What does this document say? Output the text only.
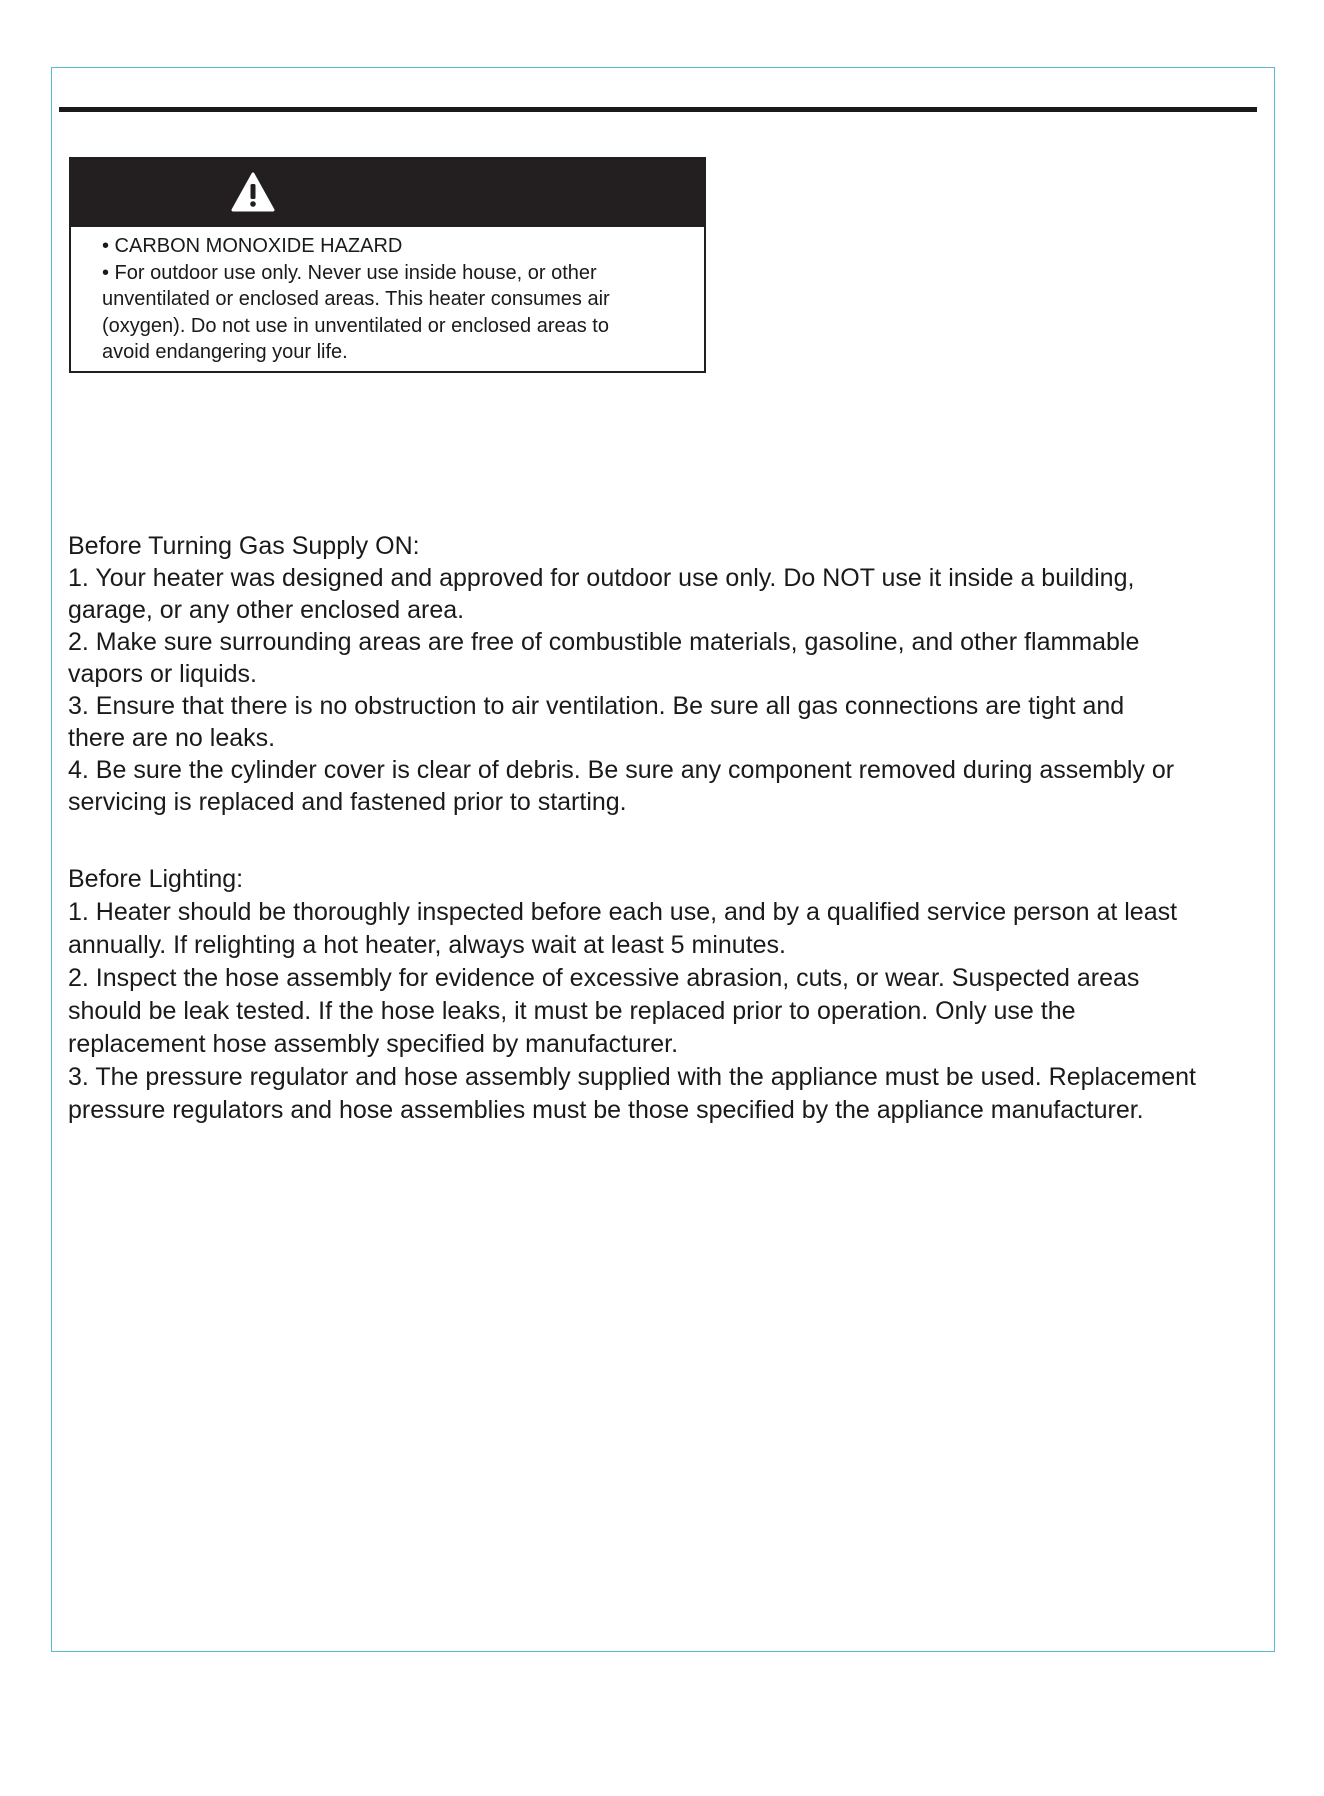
• CARBON MONOXIDE HAZARD
• For outdoor use only. Never use inside house, or other
unventilated or enclosed areas. This heater consumes air
(oxygen). Do not use in unventilated or enclosed areas to
avoid endangering your life.
Before Turning Gas Supply ON:
1. Your heater was designed and approved for outdoor use only. Do NOT use it inside a building,
garage, or any other enclosed area.
2. Make sure surrounding areas are free of combustible materials, gasoline, and other flammable
vapors or liquids.
3. Ensure that there is no obstruction to air ventilation. Be sure all gas connections are tight and
there are no leaks.
4. Be sure the cylinder cover is clear of debris. Be sure any component removed during assembly or
servicing is replaced and fastened prior to starting.
Before Lighting:
1. Heater should be thoroughly inspected before each use, and by a qualified service person at least
annually. If relighting a hot heater, always wait at least 5 minutes.
2. Inspect the hose assembly for evidence of excessive abrasion, cuts, or wear. Suspected areas
should be leak tested. If the hose leaks, it must be replaced prior to operation. Only use the
replacement hose assembly specified by manufacturer.
3. The pressure regulator and hose assembly supplied with the appliance must be used. Replacement
pressure regulators and hose assemblies must be those specified by the appliance manufacturer.
